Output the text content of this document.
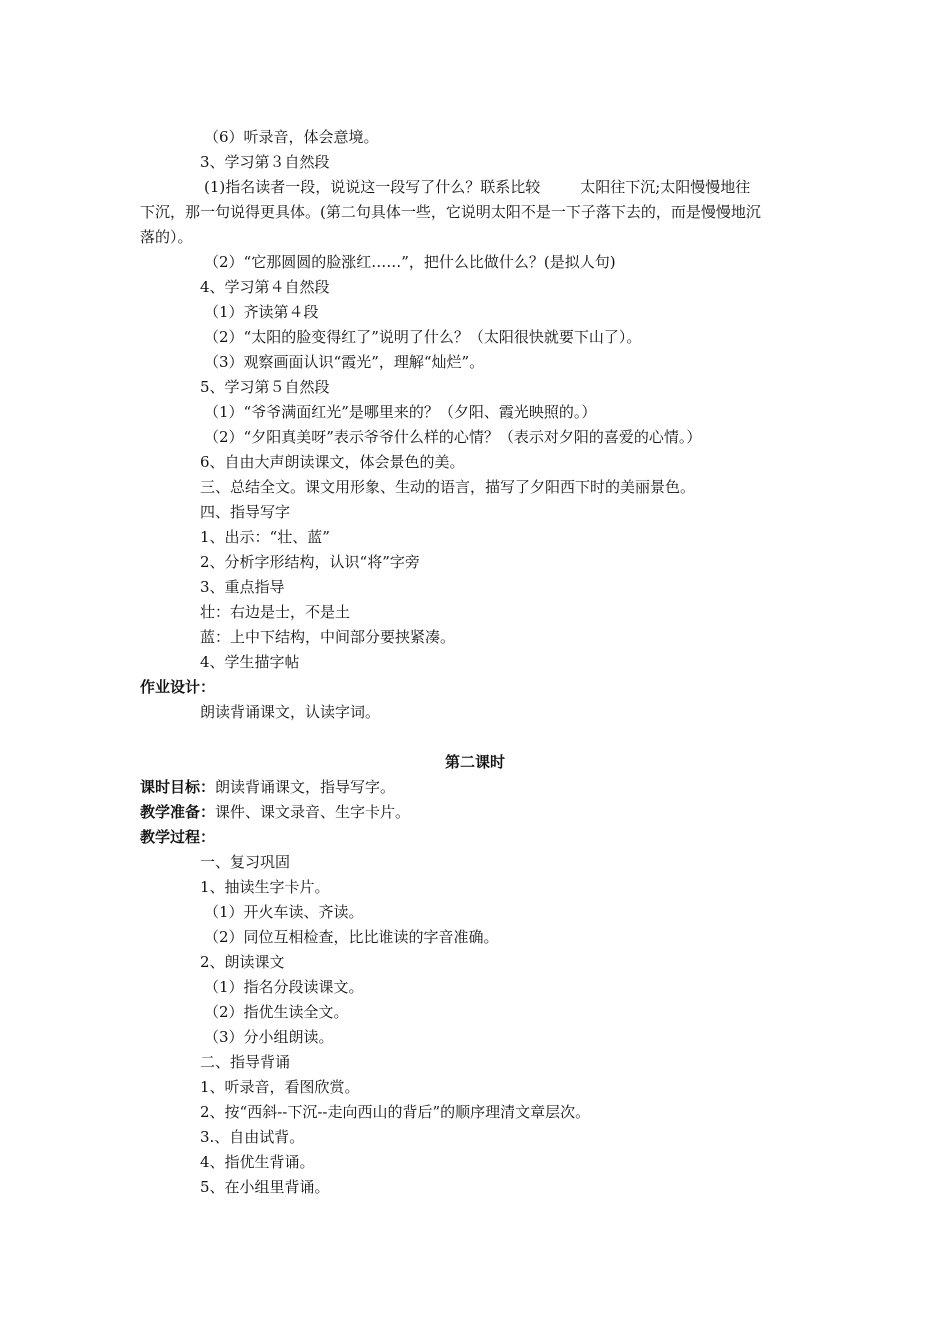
（6）听录音，体会意境。
3、学习第３自然段
(1)指名读者一段，说说这一段写了什么？联系比较	太阳往下沉;太阳慢慢地往
下沉，那一句说得更具体。(第二句具体一些，它说明太阳不是一下子落下去的，而是慢慢地沉
落的）。
（2）“它那圆圆的脸涨红……”，把什么比做什么？(是拟人句)
4、学习第４自然段
（1）齐读第４段
（2）“太阳的脸变得红了”说明了什么？（太阳很快就要下山了）。
（3）观察画面认识“霞光”，理解“灿烂”。
5、学习第５自然段
（1）“爷爷满面红光”是哪里来的？（夕阳、霞光映照的。）
（2）“夕阳真美呀”表示爷爷什么样的心情？（表示对夕阳的喜爱的心情。）
6、自由大声朗读课文，体会景色的美。
三、总结全文。课文用形象、生动的语言，描写了夕阳西下时的美丽景色。
四、指导写字
1、出示：“壮、蓝”
2、分析字形结构，认识“将”字旁
3、重点指导
壮：右边是士，不是土
蓝：上中下结构，中间部分要挟紧凑。
4、学生描字帖
作业设计：
朗读背诵课文，认读字词。
第二课时
课时目标：朗读背诵课文，指导写字。
教学准备：课件、课文录音、生字卡片。
教学过程：
一、复习巩固
1、抽读生字卡片。
（1）开火车读、齐读。
（2）同位互相检查，比比谁读的字音准确。
2、朗读课文
（1）指名分段读课文。
（2）指优生读全文。
（3）分小组朗读。
二、指导背诵
1、听录音，看图欣赏。
2、按“西斜--下沉--走向西山的背后”的顺序理清文章层次。
3.、自由试背。
4、指优生背诵。
5、在小组里背诵。
